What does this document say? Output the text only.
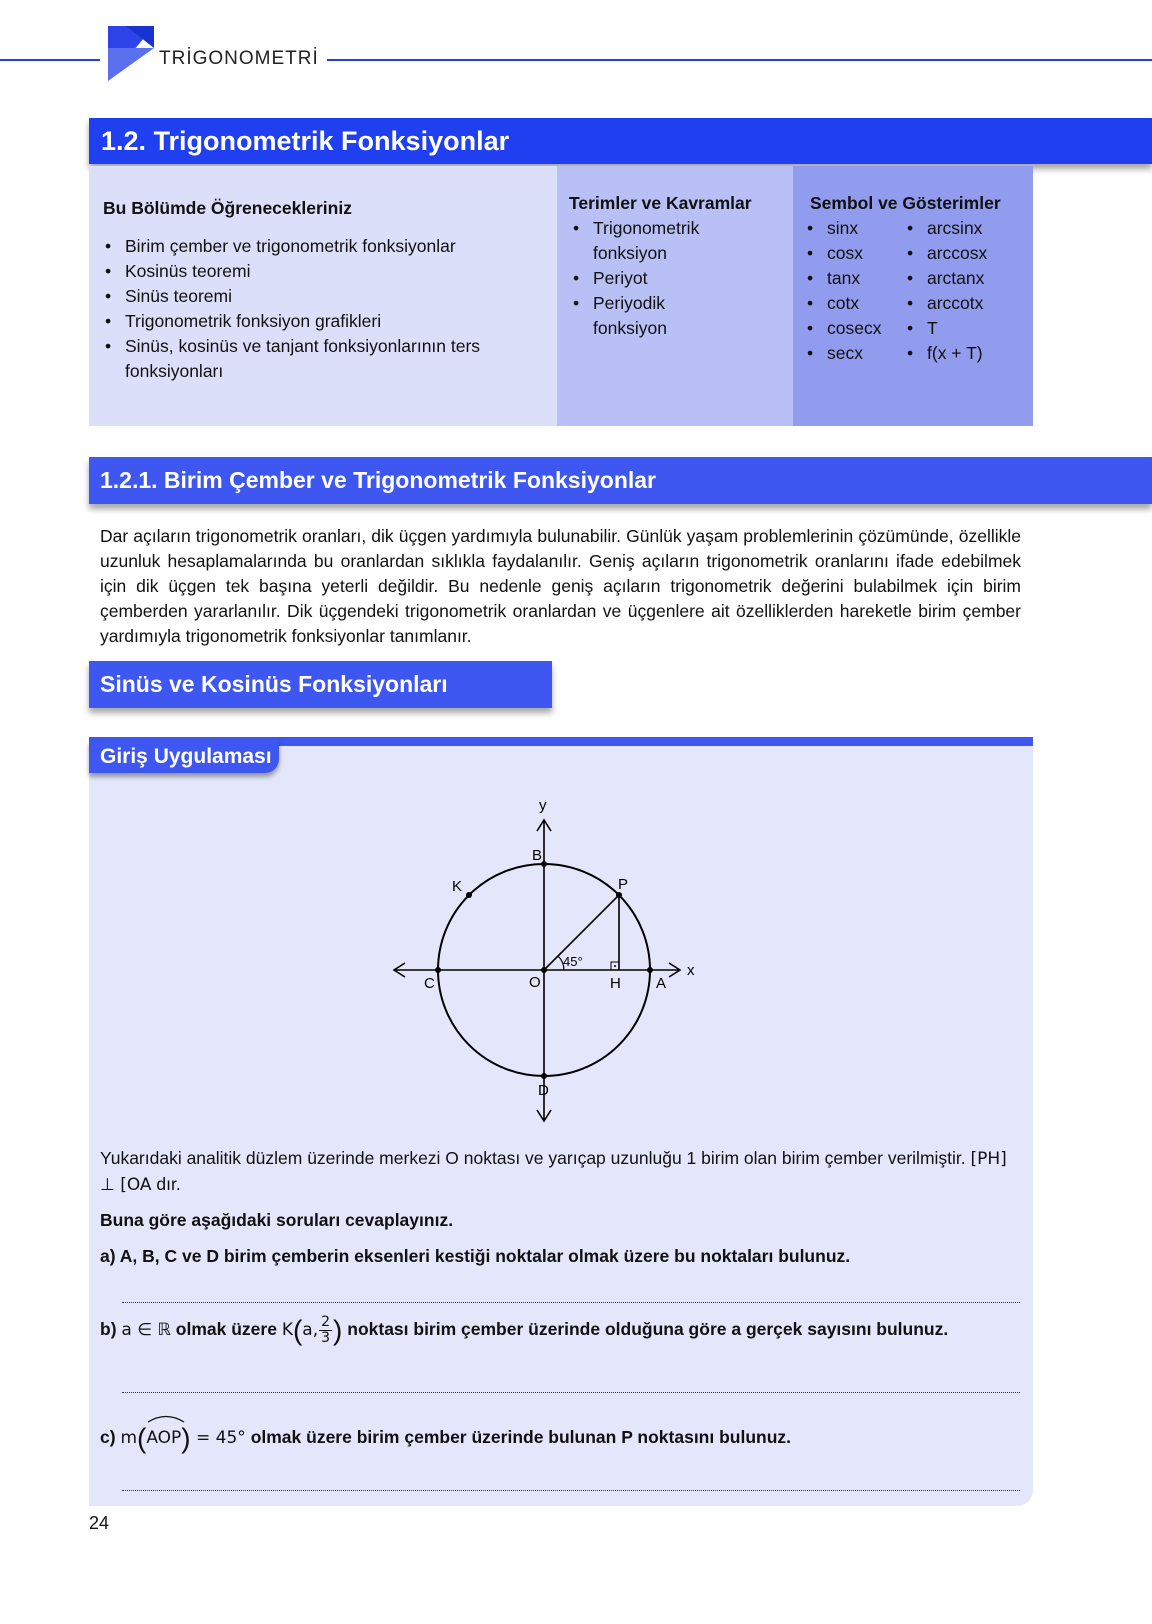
TRİGONOMETRİ
1.2. Trigonometrik Fonksiyonlar
Bu Bölümde Öğrenecekleriniz
• Birim çember ve trigonometrik fonksiyonlar
• Kosinüs teoremi
• Sinüs teoremi
• Trigonometrik fonksiyon grafikleri
• Sinüs, kosinüs ve tanjant fonksiyonlarının ters fonksiyonları
Terimler ve Kavramlar
• Trigonometrik fonksiyon
• Periyot
• Periyodik fonksiyon
Sembol ve Gösterimler
• sinx
• cosx
• tanx
• cotx
• cosecx
• secx
• arcsinx
• arccosx
• arctanx
• arccotx
• T
• f(x + T)
1.2.1. Birim Çember ve Trigonometrik Fonksiyonlar
Dar açıların trigonometrik oranları, dik üçgen yardımıyla bulunabilir. Günlük yaşam problemlerinin çözümünde, özellikle uzunluk hesaplamalarında bu oranlardan sıklıkla faydalanılır. Geniş açıların trigonometrik oranlarını ifade edebilmek için dik üçgen tek başına yeterli değildir. Bu nedenle geniş açıların trigonometrik değerini bulabilmek için birim çemberden yararlanılır. Dik üçgendeki trigonometrik oranlardan ve üçgenlere ait özelliklerden hareketle birim çember yardımıyla trigonometrik fonksiyonlar tanımlanır.
Sinüs ve Kosinüs Fonksiyonları
Giriş Uygulaması
y
x
B
P
K
C	O	H A
D
45°
Yukarıdaki analitik düzlem üzerinde merkezi O noktası ve yarıçap uzunluğu 1 birim olan birim çember verilmiştir. [PH] ⊥ [OA dır.
Buna göre aşağıdaki soruları cevaplayınız.
a) A, B, C ve D birim çemberin eksenleri kestiği noktalar olmak üzere bu noktaları bulunuz.
b) a ∈ ℝ olmak üzere K(a, $\frac{2}{3}$ ) noktası birim çember üzerinde olduğuna göre a gerçek sayısını bulunuz.
c) m(
AOP) = 45° olmak üzere birim çember üzerinde bulunan P noktasını bulunuz.
24
